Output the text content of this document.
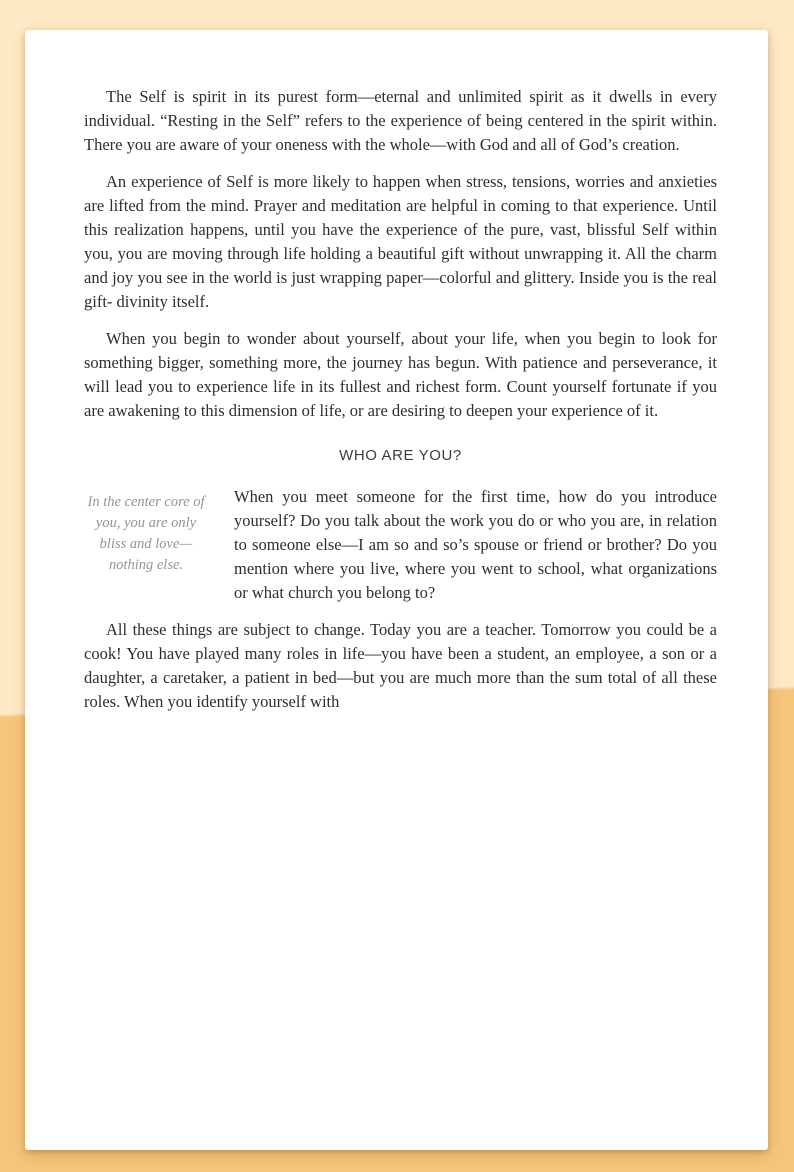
The Self is spirit in its purest form—eternal and unlimited spirit as it dwells in every individual. “Resting in the Self” refers to the experience of being centered in the spirit within. There you are aware of your oneness with the whole—with God and all of God’s creation.

An experience of Self is more likely to happen when stress, tensions, worries and anxieties are lifted from the mind. Prayer and meditation are helpful in coming to that experience. Until this realization happens, until you have the experience of the pure, vast, blissful Self within you, you are moving through life holding a beautiful gift without unwrapping it. All the charm and joy you see in the world is just wrapping paper—colorful and glittery. Inside you is the real gift- divinity itself.

When you begin to wonder about yourself, about your life, when you begin to look for something bigger, something more, the journey has begun. With patience and perseverance, it will lead you to experience life in its fullest and richest form. Count yourself fortunate if you are awakening to this dimension of life, or are desiring to deepen your experience of it.

WHO ARE YOU?
In the center core of you, you are only bliss and love—nothing else.

When you meet someone for the first time, how do you introduce yourself? Do you talk about the work you do or who you are, in relation to someone else—I am so and so’s spouse or friend or brother? Do you mention where you live, where you went to school, what organizations or what church you belong to?

All these things are subject to change. Today you are a teacher. Tomorrow you could be a cook! You have played many roles in life—you have been a student, an employee, a son or a daughter, a caretaker, a patient in bed—but you are much more than the sum total of all these roles. When you identify yourself with
